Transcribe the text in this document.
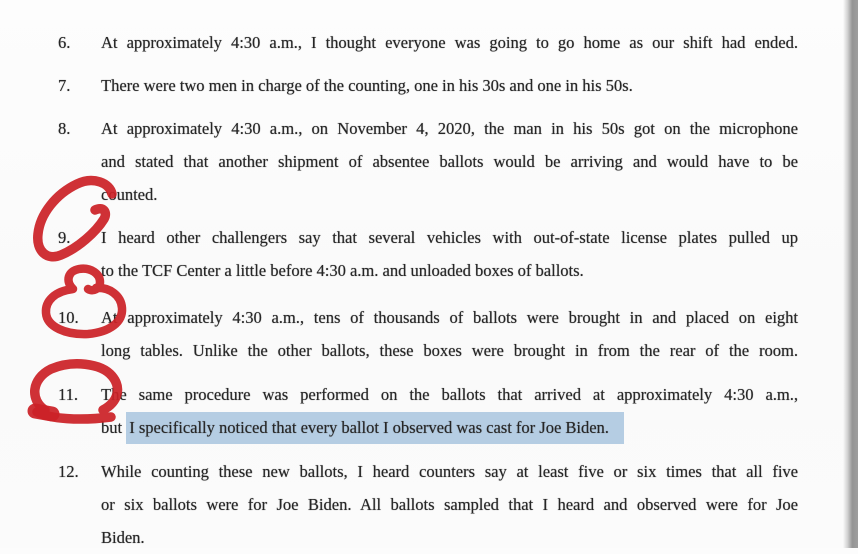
6.	At approximately 4:30 a.m., I thought everyone was going to go home as our shift had ended.
7.	There were two men in charge of the counting, one in his 30s and one in his 50s.
8.	At approximately 4:30 a.m., on November 4, 2020, the man in his 50s got on the microphone
and stated that another shipment of absentee ballots would be arriving and would have to be
counted.
9.	I heard other challengers say that several vehicles with out-of-state license plates pulled up
to the TCF Center a little before 4:30 a.m. and unloaded boxes of ballots.
10.	At approximately 4:30 a.m., tens of thousands of ballots were brought in and placed on eight
long tables. Unlike the other ballots, these boxes were brought in from the rear of the room.
11.	The same procedure was performed on the ballots that arrived at approximately 4:30 a.m.,
but I specifically noticed that every ballot I observed was cast for Joe Biden.
12.	While counting these new ballots, I heard counters say at least five or six times that all five
or six ballots were for Joe Biden. All ballots sampled that I heard and observed were for Joe
Biden.
